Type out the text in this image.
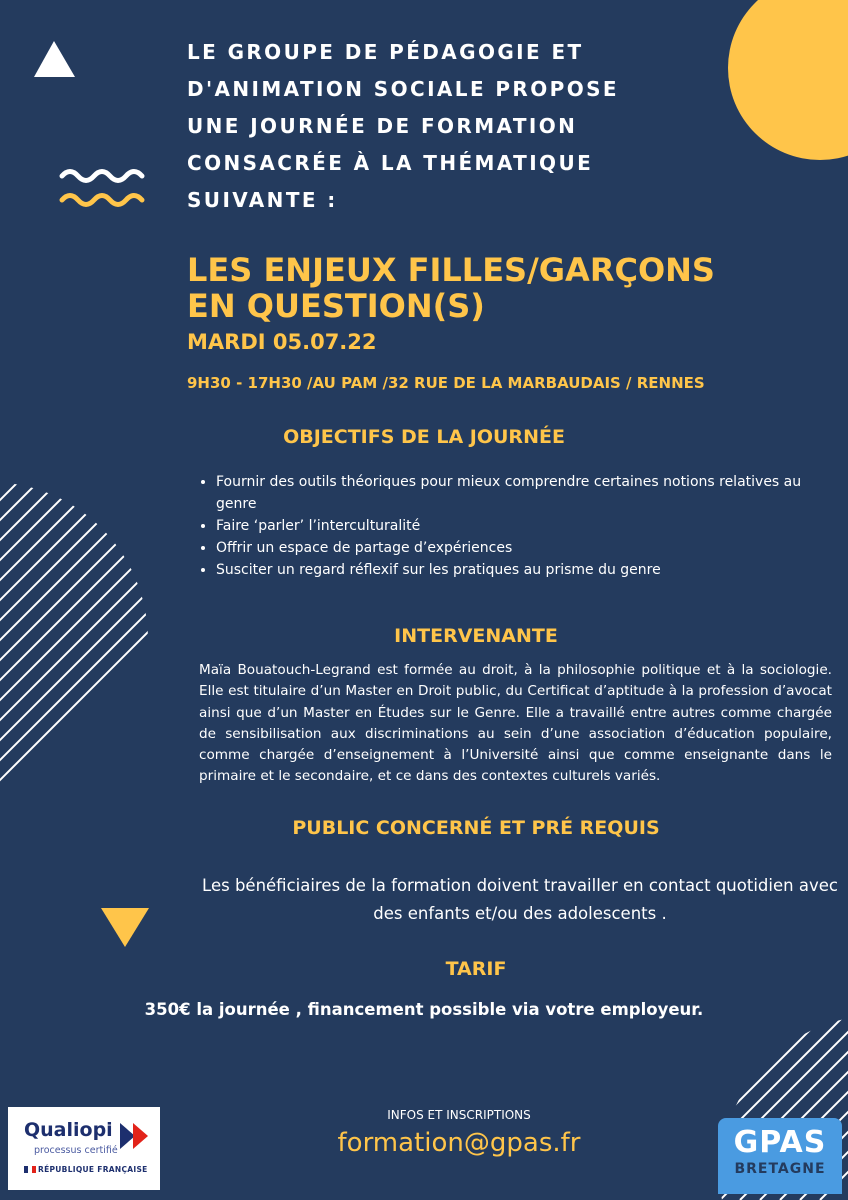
LE GROUPE DE PÉDAGOGIE ET D'ANIMATION SOCIALE PROPOSE UNE JOURNÉE DE FORMATION CONSACRÉE À LA THÉMATIQUE SUIVANTE :
LES ENJEUX FILLES/GARÇONS
EN QUESTION(S)
MARDI 05.07.22
9H30 - 17H30 /AU PAM /32 RUE DE LA MARBAUDAIS / RENNES
OBJECTIFS DE LA JOURNÉE
• Fournir des outils théoriques pour mieux comprendre certaines notions relatives au genre
• Faire ‘parler’ l’interculturalité
• Offrir un espace de partage d’expériences
• Susciter un regard réflexif sur les pratiques au prisme du genre
INTERVENANTE
Maïa Bouatouch-Legrand est formée au droit, à la philosophie politique et à la sociologie. Elle est titulaire d’un Master en Droit public, du Certificat d’aptitude à la profession d’avocat ainsi que d’un Master en Études sur le Genre. Elle a travaillé entre autres comme chargée de sensibilisation aux discriminations au sein d’une association d’éducation populaire, comme chargée d’enseignement à l’Université ainsi que comme enseignante dans le primaire et le secondaire, et ce dans des contextes culturels variés.
PUBLIC CONCERNÉ ET PRÉ REQUIS
Les bénéficiaires de la formation doivent travailler en contact quotidien avec des enfants et/ou des adolescents .
TARIF
350€ la journée , financement possible via votre employeur.
INFOS ET INSCRIPTIONS
formation@gpas.fr
Qualiopi
processus certifié
RÉPUBLIQUE FRANÇAISE
GPAS
BRETAGNE
